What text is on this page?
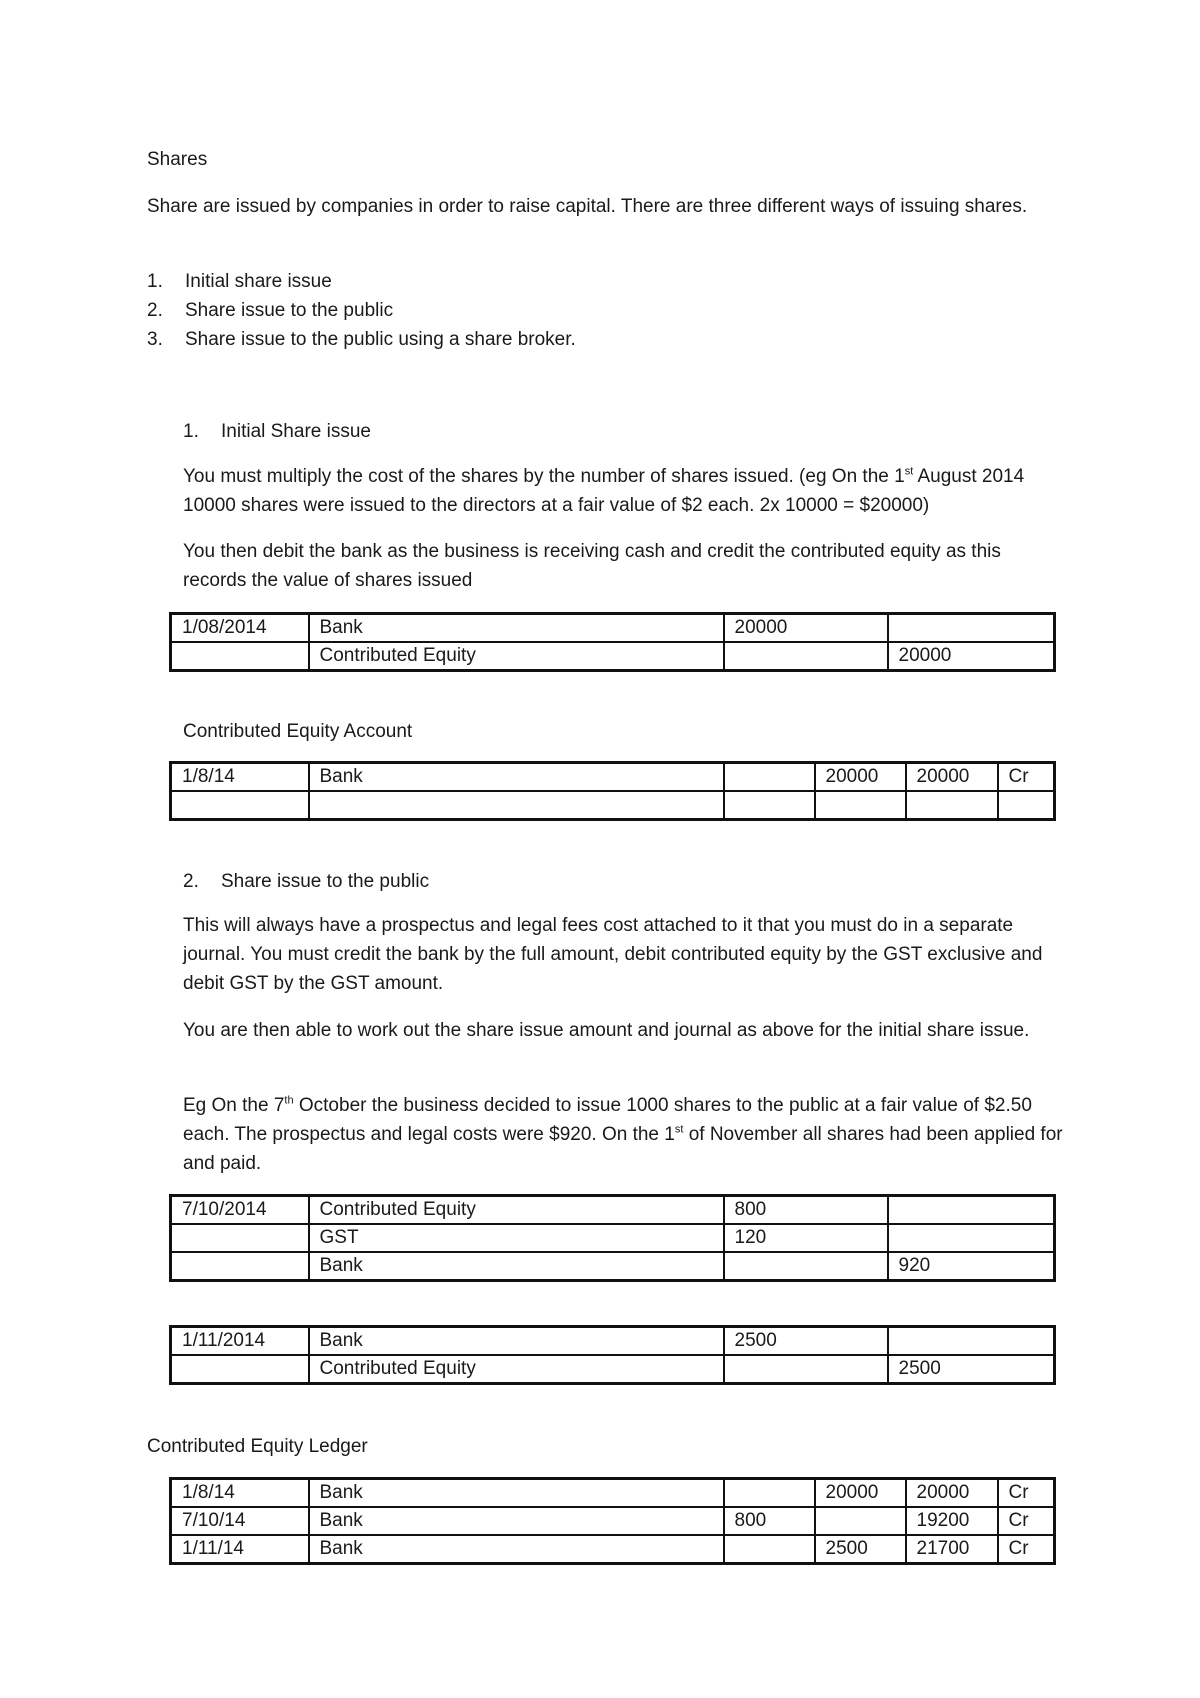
Shares
Share are issued by companies in order to raise capital. There are three different ways of issuing shares.
1. Initial share issue
2. Share issue to the public
3. Share issue to the public using a share broker.
1. Initial Share issue
You must multiply the cost of the shares by the number of shares issued. (eg On the 1st August 2014 10000 shares were issued to the directors at a fair value of $2 each. 2x 10000 = $20000)
You then debit the bank as the business is receiving cash and credit the contributed equity as this records the value of shares issued
1/08/2014	Bank	20000	
	Contributed Equity		20000
Contributed Equity Account
1/8/14	Bank		20000	20000	Cr

2. Share issue to the public
This will always have a prospectus and legal fees cost attached to it that you must do in a separate journal. You must credit the bank by the full amount, debit contributed equity by the GST exclusive and debit GST by the GST amount.
You are then able to work out the share issue amount and journal as above for the initial share issue.
Eg On the 7th October the business decided to issue 1000 shares to the public at a fair value of $2.50 each. The prospectus and legal costs were $920. On the 1st of November all shares had been applied for and paid.
7/10/2014	Contributed Equity	800	
	GST	120	
	Bank		920
1/11/2014	Bank	2500	
	Contributed Equity		2500
Contributed Equity Ledger
1/8/14	Bank		20000	20000	Cr
7/10/14	Bank	800		19200	Cr
1/11/14	Bank		2500	21700	Cr
